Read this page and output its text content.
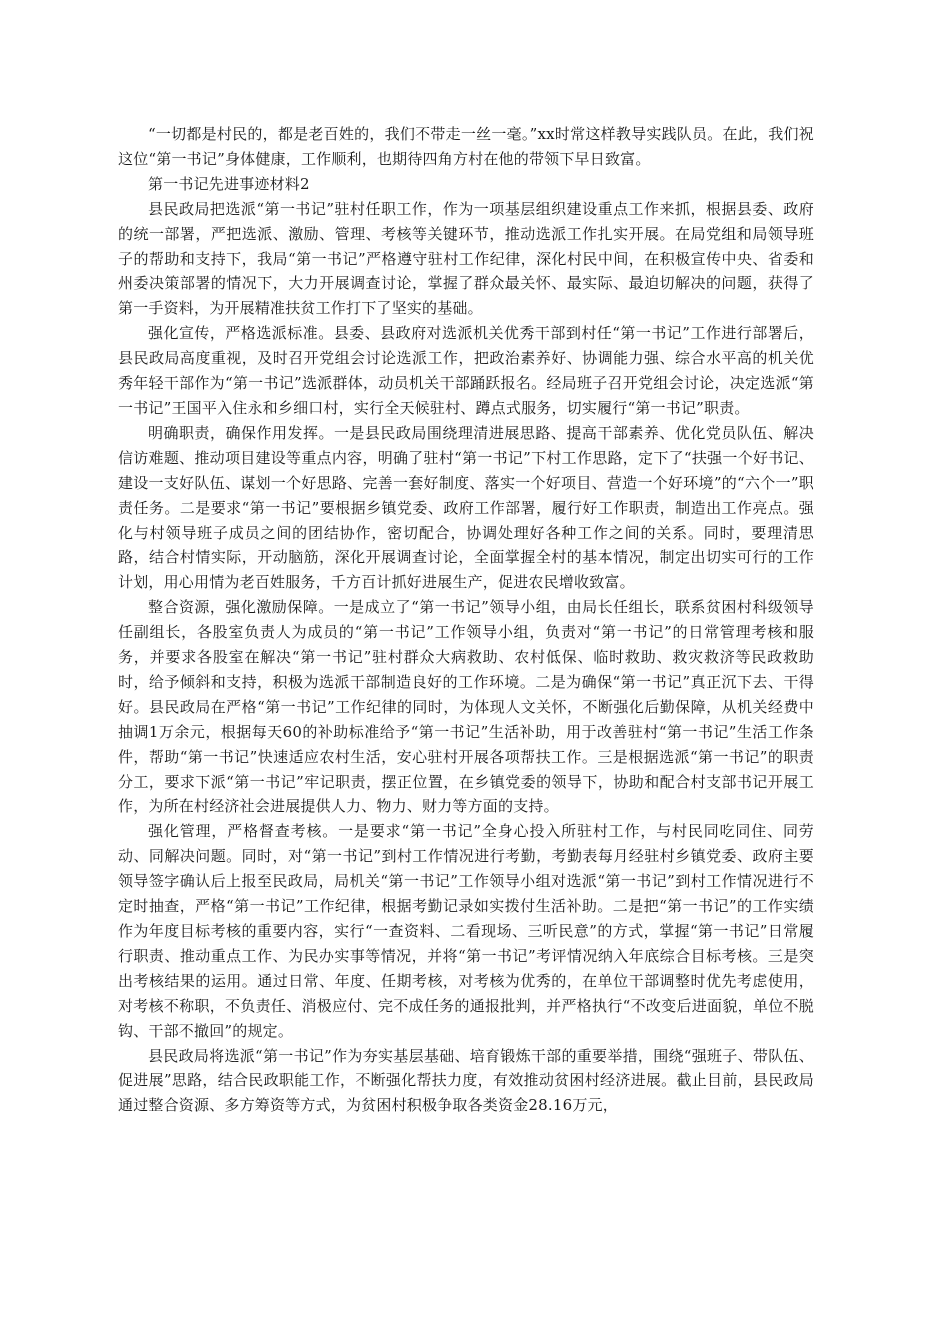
“一切都是村民的，都是老百姓的，我们不带走一丝一毫。”xx时常这样教导实践队员。在此，我们祝这位“第一书记”身体健康，工作顺利，也期待四角方村在他的带领下早日致富。

第一书记先进事迹材料2

县民政局把选派“第一书记”驻村任职工作，作为一项基层组织建设重点工作来抓，根据县委、政府的统一部署，严把选派、激励、管理、考核等关键环节，推动选派工作扎实开展。在局党组和局领导班子的帮助和支持下，我局“第一书记”严格遵守驻村工作纪律，深化村民中间，在积极宣传中央、省委和州委决策部署的情况下，大力开展调查讨论，掌握了群众最关怀、最实际、最迫切解决的问题，获得了第一手资料，为开展精准扶贫工作打下了坚实的基础。

强化宣传，严格选派标准。县委、县政府对选派机关优秀干部到村任“第一书记”工作进行部署后，县民政局高度重视，及时召开党组会讨论选派工作，把政治素养好、协调能力强、综合水平高的机关优秀年轻干部作为“第一书记”选派群体，动员机关干部踊跃报名。经局班子召开党组会讨论，决定选派“第一书记”王国平入住永和乡细口村，实行全天候驻村、蹲点式服务，切实履行“第一书记”职责。

明确职责，确保作用发挥。一是县民政局围绕理清进展思路、提高干部素养、优化党员队伍、解决信访难题、推动项目建设等重点内容，明确了驻村“第一书记”下村工作思路，定下了“扶强一个好书记、建设一支好队伍、谋划一个好思路、完善一套好制度、落实一个好项目、营造一个好环境”的“六个一”职责任务。二是要求“第一书记”要根据乡镇党委、政府工作部署，履行好工作职责，制造出工作亮点。强化与村领导班子成员之间的团结协作，密切配合，协调处理好各种工作之间的关系。同时，要理清思路，结合村情实际，开动脑筋，深化开展调查讨论，全面掌握全村的基本情况，制定出切实可行的工作计划，用心用情为老百姓服务，千方百计抓好进展生产，促进农民增收致富。

整合资源，强化激励保障。一是成立了“第一书记”领导小组，由局长任组长，联系贫困村科级领导任副组长，各股室负责人为成员的“第一书记”工作领导小组，负责对“第一书记”的日常管理考核和服务，并要求各股室在解决“第一书记”驻村群众大病救助、农村低保、临时救助、救灾救济等民政救助时，给予倾斜和支持，积极为选派干部制造良好的工作环境。二是为确保“第一书记”真正沉下去、干得好。县民政局在严格“第一书记”工作纪律的同时，为体现人文关怀，不断强化后勤保障，从机关经费中抽调1万余元，根据每天60的补助标准给予“第一书记”生活补助，用于改善驻村“第一书记”生活工作条件，帮助“第一书记”快速适应农村生活，安心驻村开展各项帮扶工作。三是根据选派“第一书记”的职责分工，要求下派“第一书记”牢记职责，摆正位置，在乡镇党委的领导下，协助和配合村支部书记开展工作，为所在村经济社会进展提供人力、物力、财力等方面的支持。

强化管理，严格督查考核。一是要求“第一书记”全身心投入所驻村工作，与村民同吃同住、同劳动、同解决问题。同时，对“第一书记”到村工作情况进行考勤，考勤表每月经驻村乡镇党委、政府主要领导签字确认后上报至民政局，局机关“第一书记”工作领导小组对选派“第一书记”到村工作情况进行不定时抽查，严格“第一书记”工作纪律，根据考勤记录如实拨付生活补助。二是把“第一书记”的工作实绩作为年度目标考核的重要内容，实行“一查资料、二看现场、三听民意”的方式，掌握“第一书记”日常履行职责、推动重点工作、为民办实事等情况，并将“第一书记”考评情况纳入年底综合目标考核。三是突出考核结果的运用。通过日常、年度、任期考核，对考核为优秀的，在单位干部调整时优先考虑使用，对考核不称职，不负责任、消极应付、完不成任务的通报批判，并严格执行“不改变后进面貌，单位不脱钩、干部不撤回”的规定。

县民政局将选派“第一书记”作为夯实基层基础、培育锻炼干部的重要举措，围绕“强班子、带队伍、促进展”思路，结合民政职能工作，不断强化帮扶力度，有效推动贫困村经济进展。截止目前，县民政局通过整合资源、多方筹资等方式，为贫困村积极争取各类资金28.16万元，
